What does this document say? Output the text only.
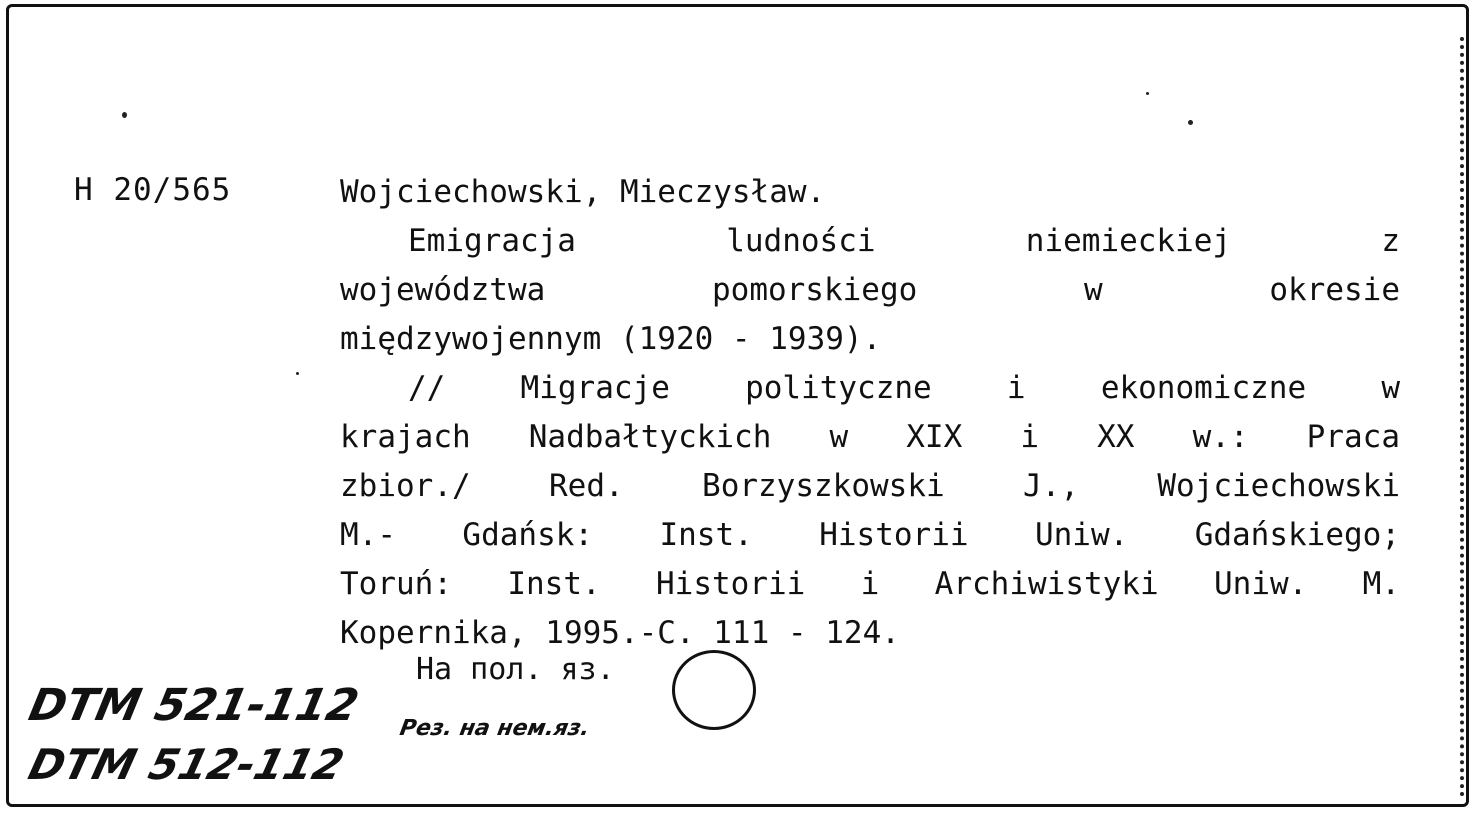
H 20/565	Wojciechowski, Mieczysław.
Emigracja ludności niemieckiej z
województwa pomorskiego w okresie
międzywojennym (1920 - 1939).
// Migracje polityczne i ekonomiczne w
krajach Nadbałtyckich w XIX i XX w.: Praca
zbior./ Red. Borzyszkowski J., Wojciechowski
M.- Gdańsk: Inst. Historii Uniw. Gdańskiego;
Toruń: Inst. Historii i Archiwistyki Uniw. M.
Kopernika, 1995.-C. 111 - 124.
На пол. яз.
DTM 521-112
DTM 512-112
Рез. на нем.яз.
